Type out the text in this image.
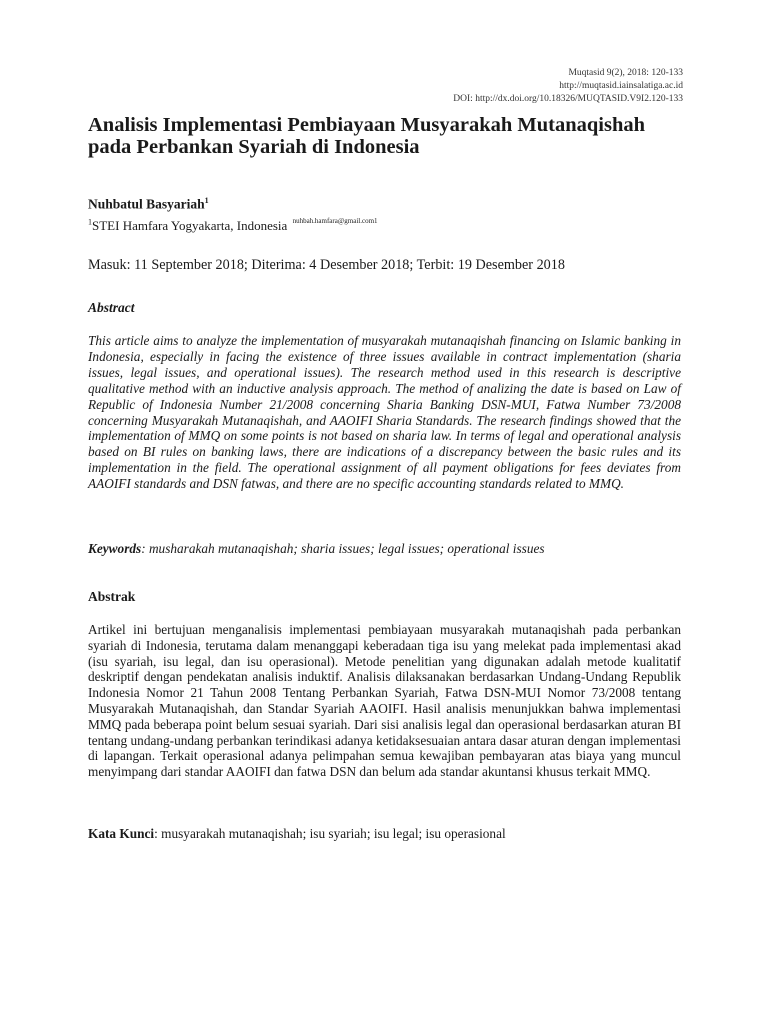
Muqtasid 9(2), 2018: 120-133
http://muqtasid.iainsalatiga.ac.id
DOI: http://dx.doi.org/10.18326/MUQTASID.V9I2.120-133
Analisis Implementasi Pembiayaan Musyarakah Mutanaqishah pada Perbankan Syariah di Indonesia
Nuhbatul Basyariah$^1$
$^1$STEI Hamfara Yogyakarta, Indonesia $^{nuhbah.hamfara@gmail.com1}$
Masuk: 11 September 2018; Diterima: 4 Desember 2018; Terbit: 19 Desember 2018
Abstract

This article aims to analyze the implementation of musyarakah mutanaqishah financing on Islamic banking in Indonesia, especially in facing the existence of three issues available in contract implementation (sharia issues, legal issues, and operational issues). The research method used in this research is descriptive qualitative method with an inductive analysis approach. The method of analizing the date is based on Law of Republic of Indonesia Number 21/2008 concerning Sharia Banking DSN-MUI, Fatwa Number 73/2008 concerning Musyarakah Mutanaqishah, and AAOIFI Sharia Standards. The research findings showed that the implementation of MMQ on some points is not based on sharia law. In terms of legal and operational analysis based on BI rules on banking laws, there are indications of a discrepancy between the basic rules and its implementation in the field. The operational assignment of all payment obligations for fees deviates from AAOIFI standards and DSN fatwas, and there are no specific accounting standards related to MMQ.

Keywords: musharakah mutanaqishah; sharia issues; legal issues; operational issues

Abstrak

Artikel ini bertujuan menganalisis implementasi pembiayaan musyarakah mutanaqishah pada perbankan syariah di Indonesia, terutama dalam menanggapi keberadaan tiga isu yang melekat pada implementasi akad (isu syariah, isu legal, dan isu operasional). Metode penelitian yang digunakan adalah metode kualitatif deskriptif dengan pendekatan analisis induktif. Analisis dilaksanakan berdasarkan Undang-Undang Republik Indonesia Nomor 21 Tahun 2008 Tentang Perbankan Syariah, Fatwa DSN-MUI Nomor 73/2008 tentang Musyarakah Mutanaqishah, dan Standar Syariah AAOIFI. Hasil analisis menunjukkan bahwa implementasi MMQ pada beberapa point belum sesuai syariah. Dari sisi analisis legal dan operasional berdasarkan aturan BI tentang undang-undang perbankan terindikasi adanya ketidaksesuaian antara dasar aturan dengan implementasi di lapangan. Terkait operasional adanya pelimpahan semua kewajiban pembayaran atas biaya yang muncul menyimpang dari standar AAOIFI dan fatwa DSN dan belum ada standar akuntansi khusus terkait MMQ.

Kata Kunci: musyarakah mutanaqishah; isu syariah; isu legal; isu operasional
